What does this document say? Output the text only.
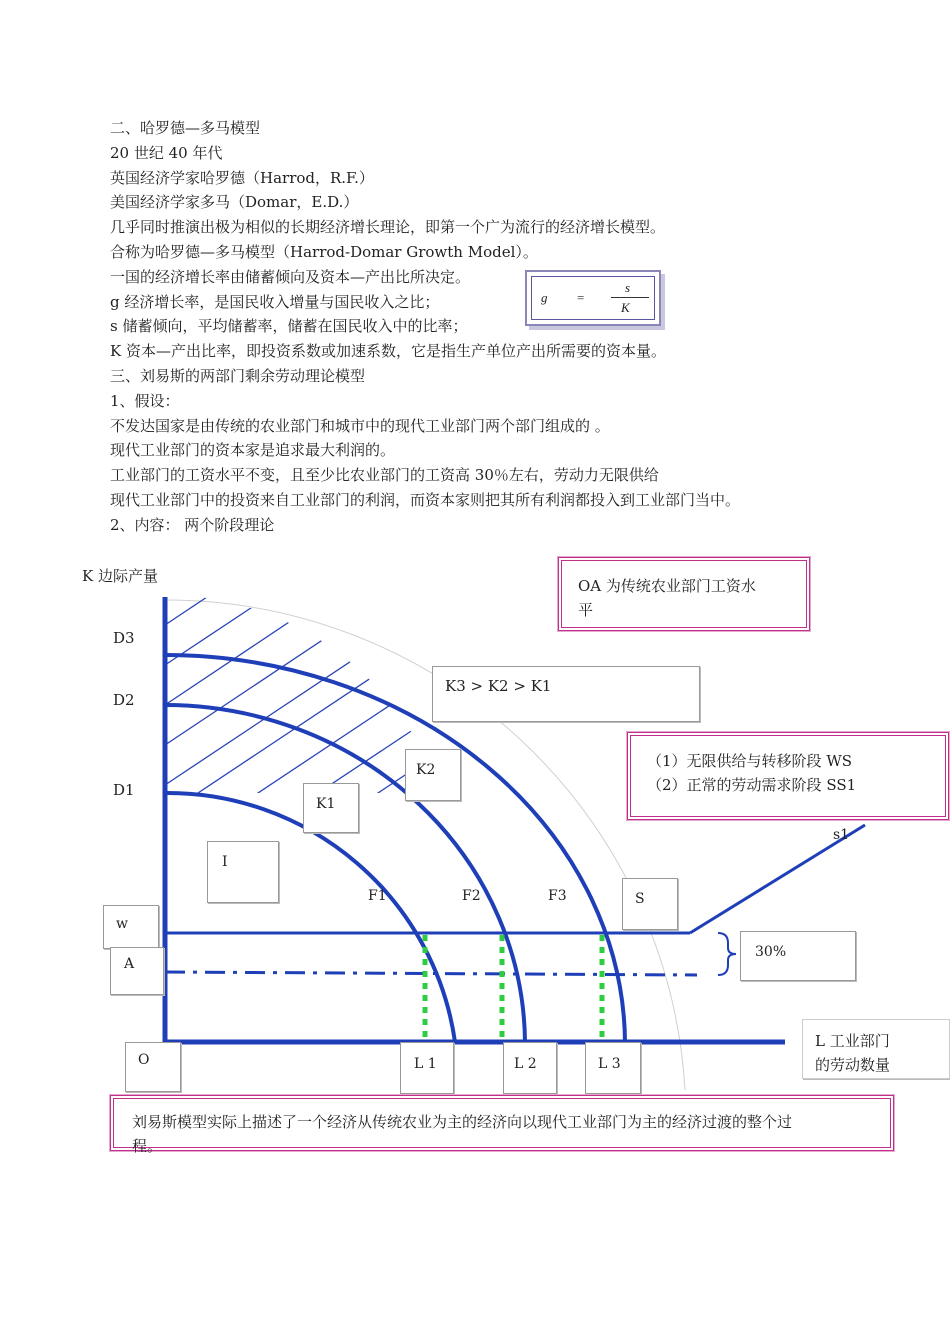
二、哈罗德—多马模型

20 世纪 40 年代

英国经济学家哈罗德（Harrod，R.F.）

美国经济学家多马（Domar，E.D.）

几乎同时推演出极为相似的长期经济增长理论，即第一个广为流行的经济增长模型。

合称为哈罗德—多马模型（Harrod-Domar Growth Model）。

一国的经济增长率由储蓄倾向及资本—产出比所决定。

g 经济增长率，是国民收入增量与国民收入之比；

s 储蓄倾向，平均储蓄率，储蓄在国民收入中的比率；

K 资本—产出比率，即投资系数或加速系数，它是指生产单位产出所需要的资本量。

三、刘易斯的两部门剩余劳动理论模型

1、假设：

不发达国家是由传统的农业部门和城市中的现代工业部门两个部门组成的 。

现代工业部门的资本家是追求最大利润的。

工业部门的工资水平不变，且至少比农业部门的工资高 30％左右，劳动力无限供给

现代工业部门中的投资来自工业部门的利润，而资本家则把其所有利润都投入到工业部门当中。

2、内容： 两个阶段理论

g =
s
K
K 边际产量
D3
D2
D1
w
A
O
I
K1
K2
F1	F2	F3	S
s1
30%
L 1	L 2	L 3
L 工业部门
的劳动数量
K3 > K2 > K1
OA 为传统农业部门工资水
平
（1）无限供给与转移阶段 WS
（2）正常的劳动需求阶段 SS1
刘易斯模型实际上描述了一个经济从传统农业为主的经济向以现代工业部门为主的经济过渡的整个过
程。
